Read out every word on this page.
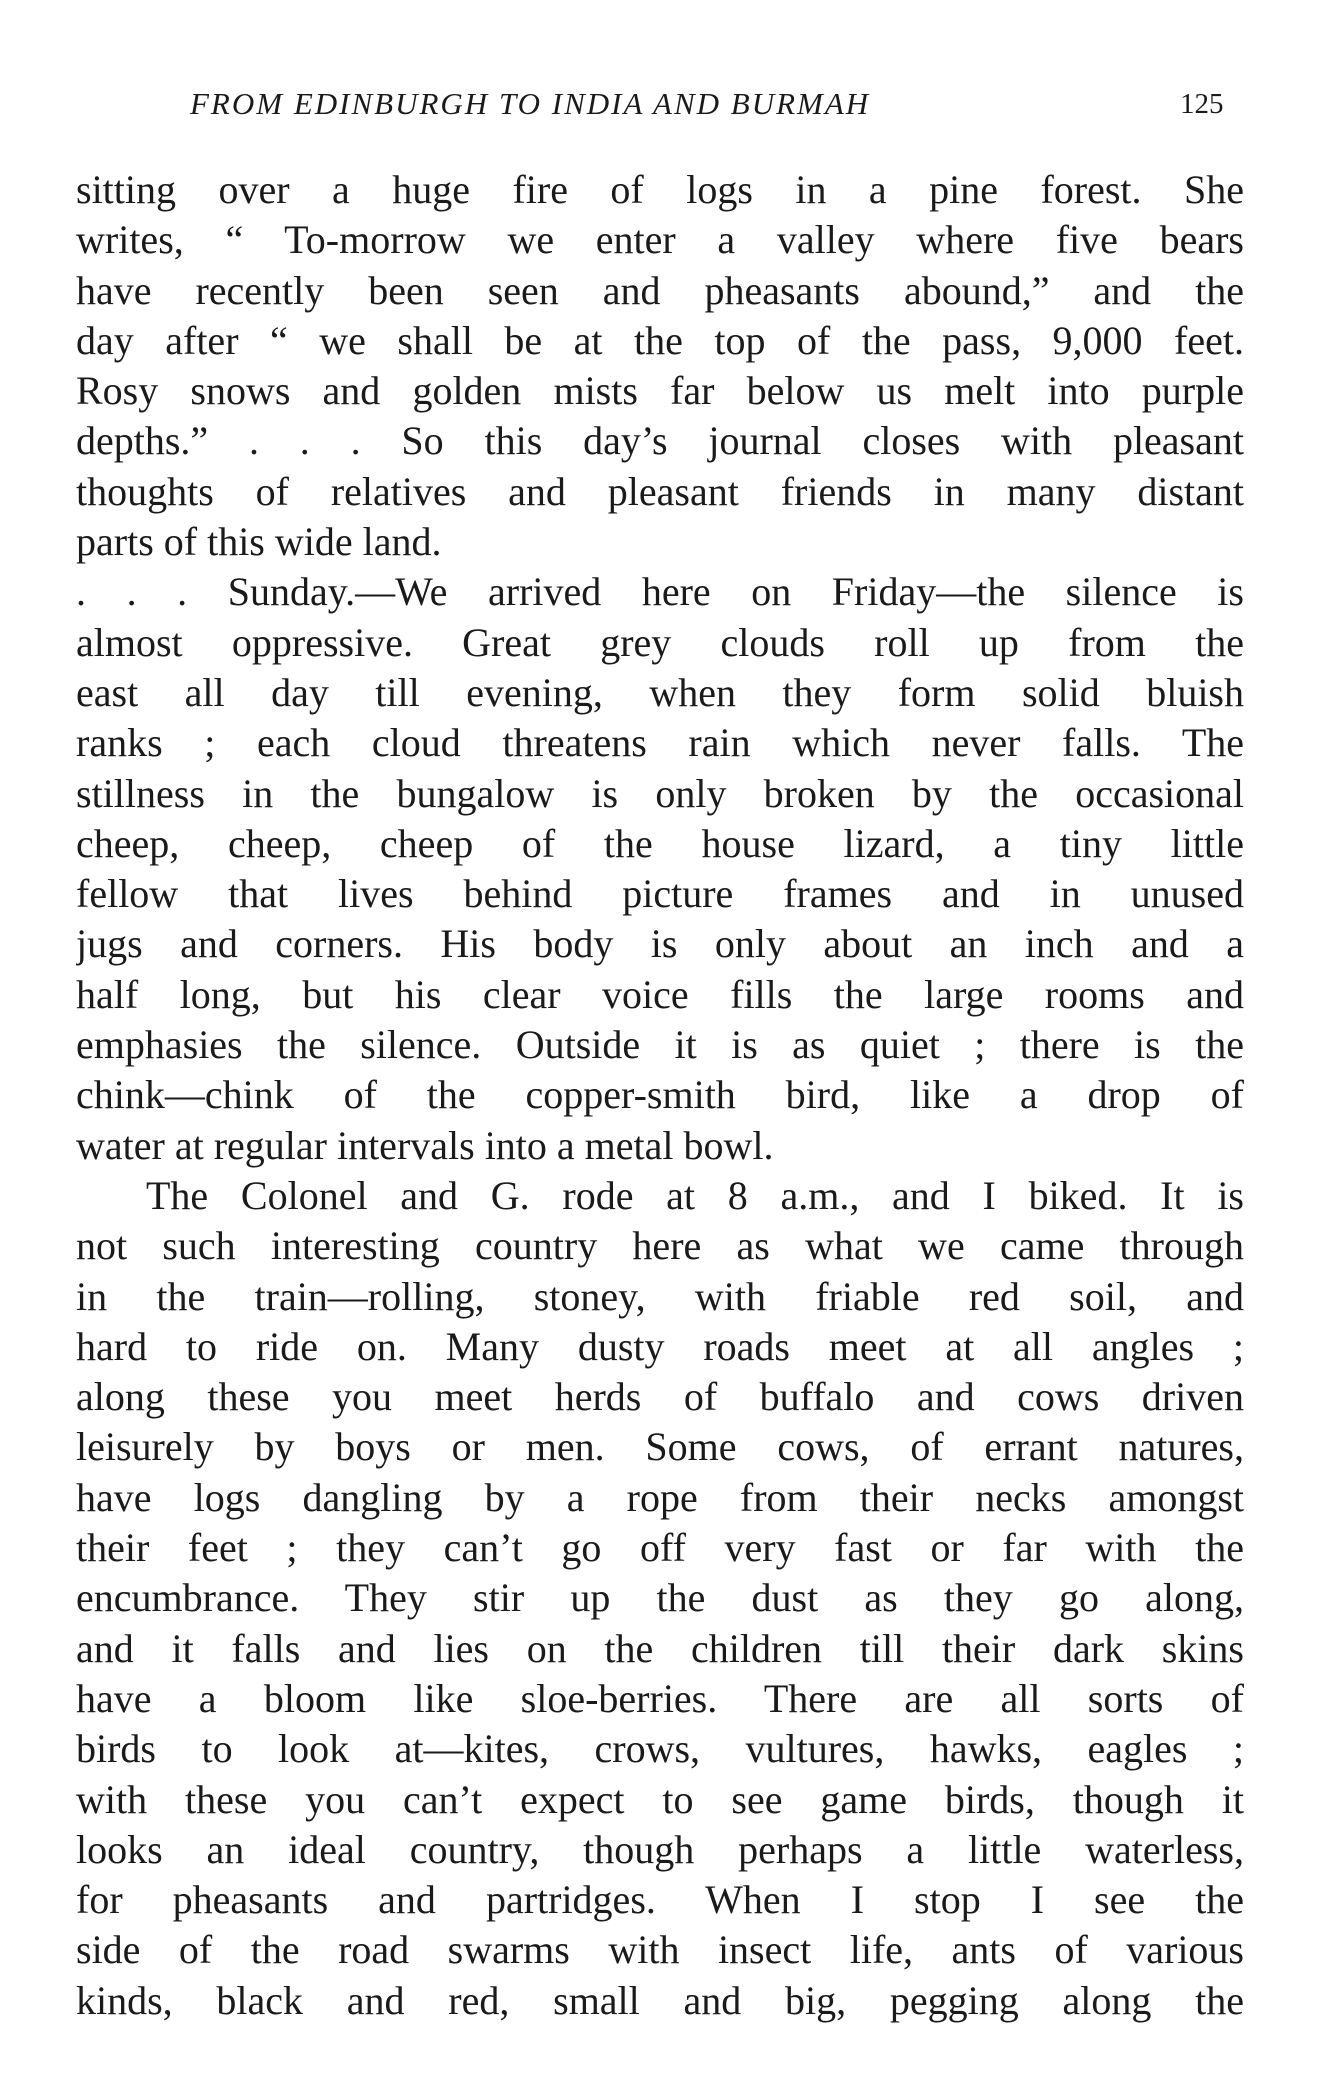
FROM EDINBURGH TO INDIA AND BURMAH	125
sitting over a huge fire of logs in a pine forest. She
writes, “ To-morrow we enter a valley where five bears
have recently been seen and pheasants abound,” and the
day after “ we shall be at the top of the pass, 9,000 feet.
Rosy snows and golden mists far below us melt into purple
depths.” . . . So this day’s journal closes with pleasant
thoughts of relatives and pleasant friends in many distant
parts of this wide land.
. . . Sunday.—We arrived here on Friday—the silence is
almost oppressive. Great grey clouds roll up from the
east all day till evening, when they form solid bluish
ranks ; each cloud threatens rain which never falls. The
stillness in the bungalow is only broken by the occasional
cheep, cheep, cheep of the house lizard, a tiny little
fellow that lives behind picture frames and in unused
jugs and corners. His body is only about an inch and a
half long, but his clear voice fills the large rooms and
emphasies the silence. Outside it is as quiet ; there is the
chink—chink of the copper-smith bird, like a drop of
water at regular intervals into a metal bowl.
The Colonel and G. rode at 8 a.m., and I biked. It is
not such interesting country here as what we came through
in the train—rolling, stoney, with friable red soil, and
hard to ride on. Many dusty roads meet at all angles ;
along these you meet herds of buffalo and cows driven
leisurely by boys or men. Some cows, of errant natures,
have logs dangling by a rope from their necks amongst
their feet ; they can’t go off very fast or far with the
encumbrance. They stir up the dust as they go along,
and it falls and lies on the children till their dark skins
have a bloom like sloe-berries. There are all sorts of
birds to look at—kites, crows, vultures, hawks, eagles ;
with these you can’t expect to see game birds, though it
looks an ideal country, though perhaps a little waterless,
for pheasants and partridges. When I stop I see the
side of the road swarms with insect life, ants of various
kinds, black and red, small and big, pegging along the
